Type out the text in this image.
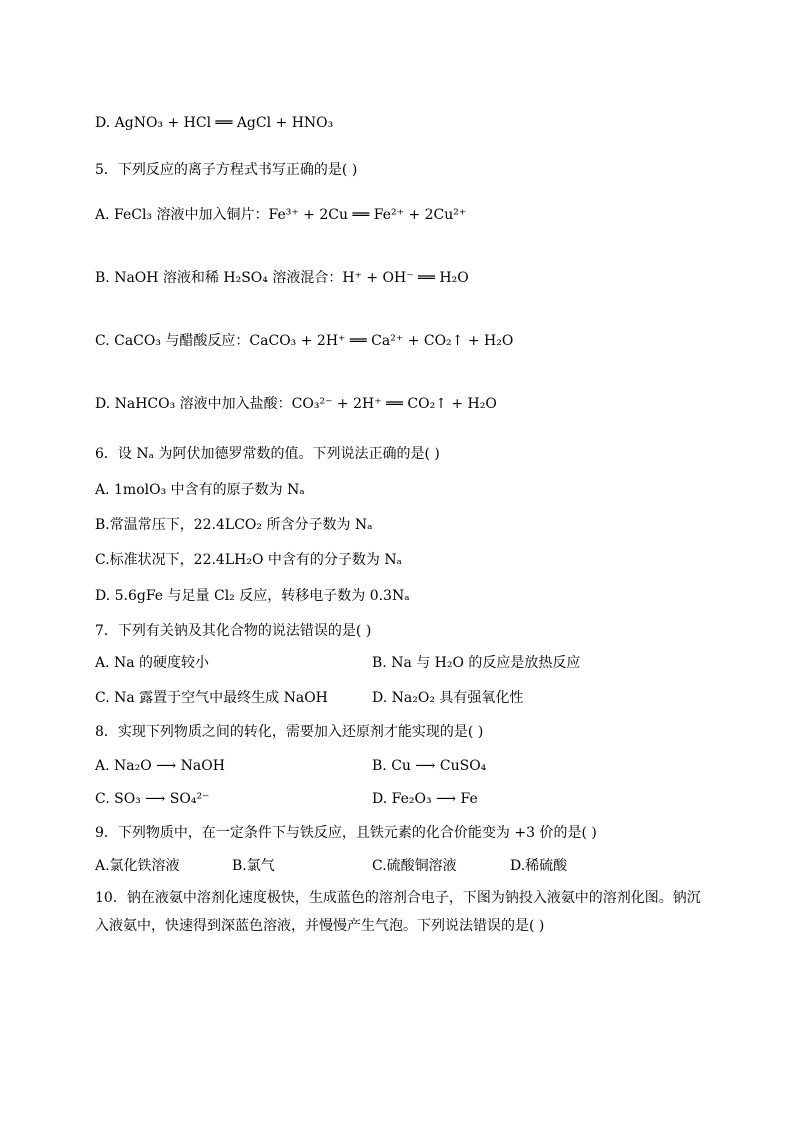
D. AgNO₃ + HCl ══ AgCl + HNO₃
5．下列反应的离子方程式书写正确的是( )
A. FeCl₃ 溶液中加入铜片：Fe³⁺ + 2Cu ══ Fe²⁺ + 2Cu²⁺
B. NaOH 溶液和稀 H₂SO₄ 溶液混合：H⁺ + OH⁻ ══ H₂O
C. CaCO₃ 与醋酸反应：CaCO₃ + 2H⁺ ══ Ca²⁺ + CO₂↑ + H₂O
D. NaHCO₃ 溶液中加入盐酸：CO₃²⁻ + 2H⁺ ══ CO₂↑ + H₂O
6．设 Nₐ 为阿伏加德罗常数的值。下列说法正确的是( )
A. 1molO₃ 中含有的原子数为 Nₐ
B.常温常压下，22.4LCO₂ 所含分子数为 Nₐ
C.标准状况下，22.4LH₂O 中含有的分子数为 Nₐ
D. 5.6gFe 与足量 Cl₂ 反应，转移电子数为 0.3Nₐ
7．下列有关钠及其化合物的说法错误的是( )
A. Na 的硬度较小	B. Na 与 H₂O 的反应是放热反应
C. Na 露置于空气中最终生成 NaOH	D. Na₂O₂ 具有强氧化性
8．实现下列物质之间的转化，需要加入还原剂才能实现的是( )
A. Na₂O ⟶ NaOH	B. Cu ⟶ CuSO₄
C. SO₃ ⟶ SO₄²⁻	D. Fe₂O₃ ⟶ Fe
9．下列物质中，在一定条件下与铁反应，且铁元素的化合价能变为 +3 价的是( )
A.氯化铁溶液	B.氯气	C.硫酸铜溶液	D.稀硫酸
10．钠在液氨中溶剂化速度极快，生成蓝色的溶剂合电子，下图为钠投入液氨中的溶剂化图。钠沉入液氨中，快速得到深蓝色溶液，并慢慢产生气泡。下列说法错误的是( )
